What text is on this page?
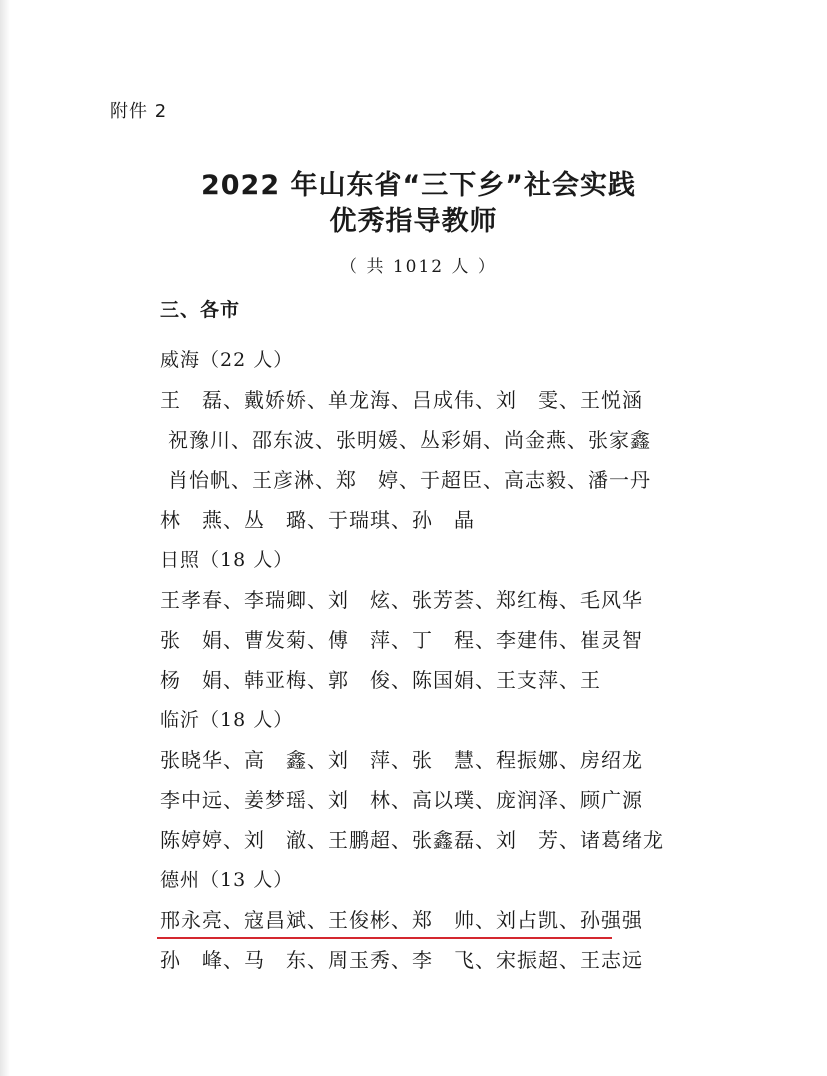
附件 2
2022 年山东省“三下乡”社会实践
优秀指导教师
（ 共 1012 人 ）
三、各市
威海（22 人）
王　磊、戴娇娇、单龙海、吕成伟、刘　雯、王悦涵
祝豫川、邵东波、张明媛、丛彩娟、尚金燕、张家鑫
肖怡帆、王彦淋、郑　婷、于超臣、高志毅、潘一丹
林　燕、丛　璐、于瑞琪、孙　晶
日照（18 人）
王孝春、李瑞卿、刘　炫、张芳荟、郑红梅、毛风华
张　娟、曹发菊、傅　萍、丁　程、李建伟、崔灵智
杨　娟、韩亚梅、郭　俊、陈国娟、王支萍、王
临沂（18 人）
张晓华、高　鑫、刘　萍、张　慧、程振娜、房绍龙
李中远、姜梦瑶、刘　林、高以璞、庞润泽、顾广源
陈婷婷、刘　澈、王鹏超、张鑫磊、刘　芳、诸葛绪龙
德州（13 人）
邢永亮、寇昌斌、王俊彬、郑　帅、刘占凯、孙强强
孙　峰、马　东、周玉秀、李　飞、宋振超、王志远
